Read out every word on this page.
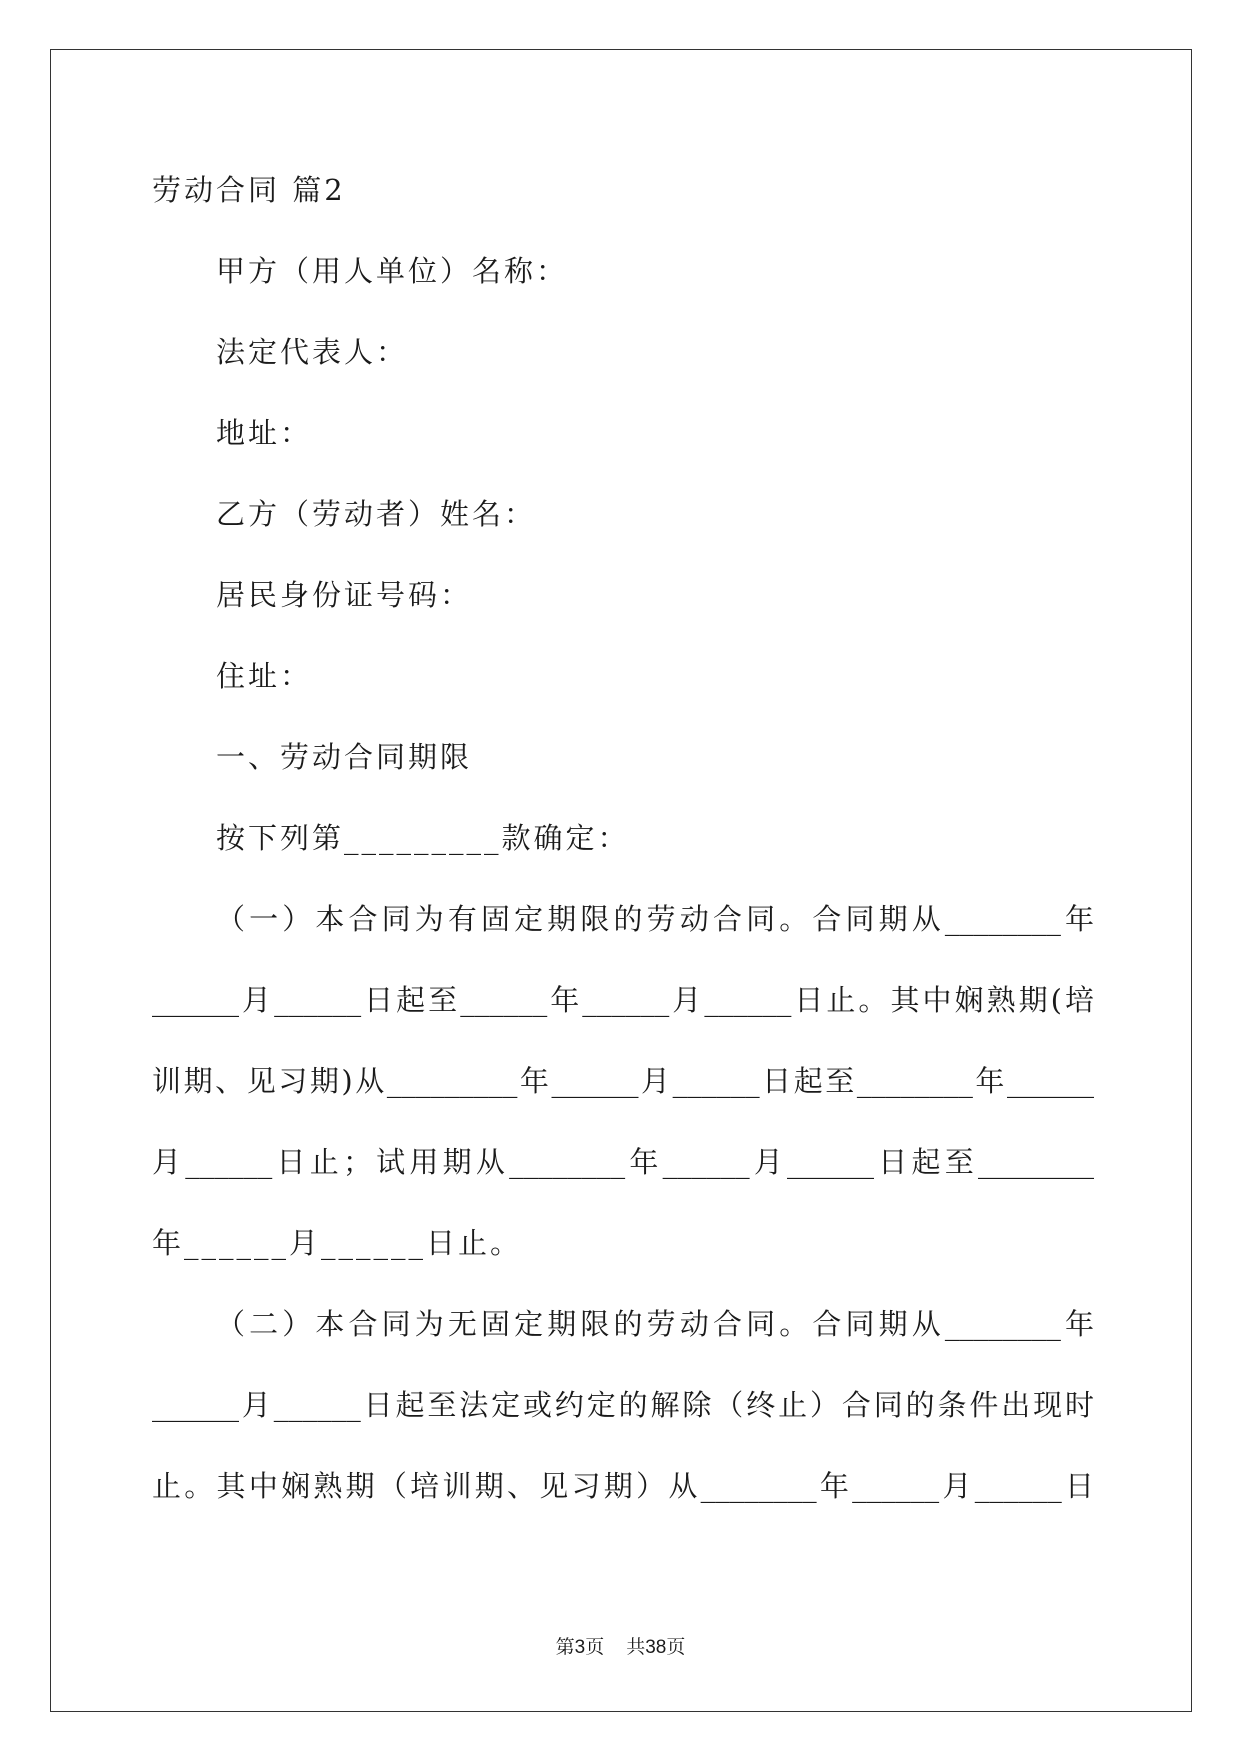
劳动合同 篇2
甲方（用人单位）名称：
法定代表人：
地址：
乙方（劳动者）姓名：
居民身份证号码：
住址：
一、劳动合同期限
按下列第_________款确定：
（一）本合同为有固定期限的劳动合同。合同期从________年
______月______日起至______年______月______日止。其中娴熟期(培
训期、见习期)从_________年______月______日起至________年______
月______日止；试用期从________年______月______日起至________
年______月______日止。
（二）本合同为无固定期限的劳动合同。合同期从________年
______月______日起至法定或约定的解除（终止）合同的条件出现时
止。其中娴熟期（培训期、见习期）从________年______月______日
第3页 共38页
